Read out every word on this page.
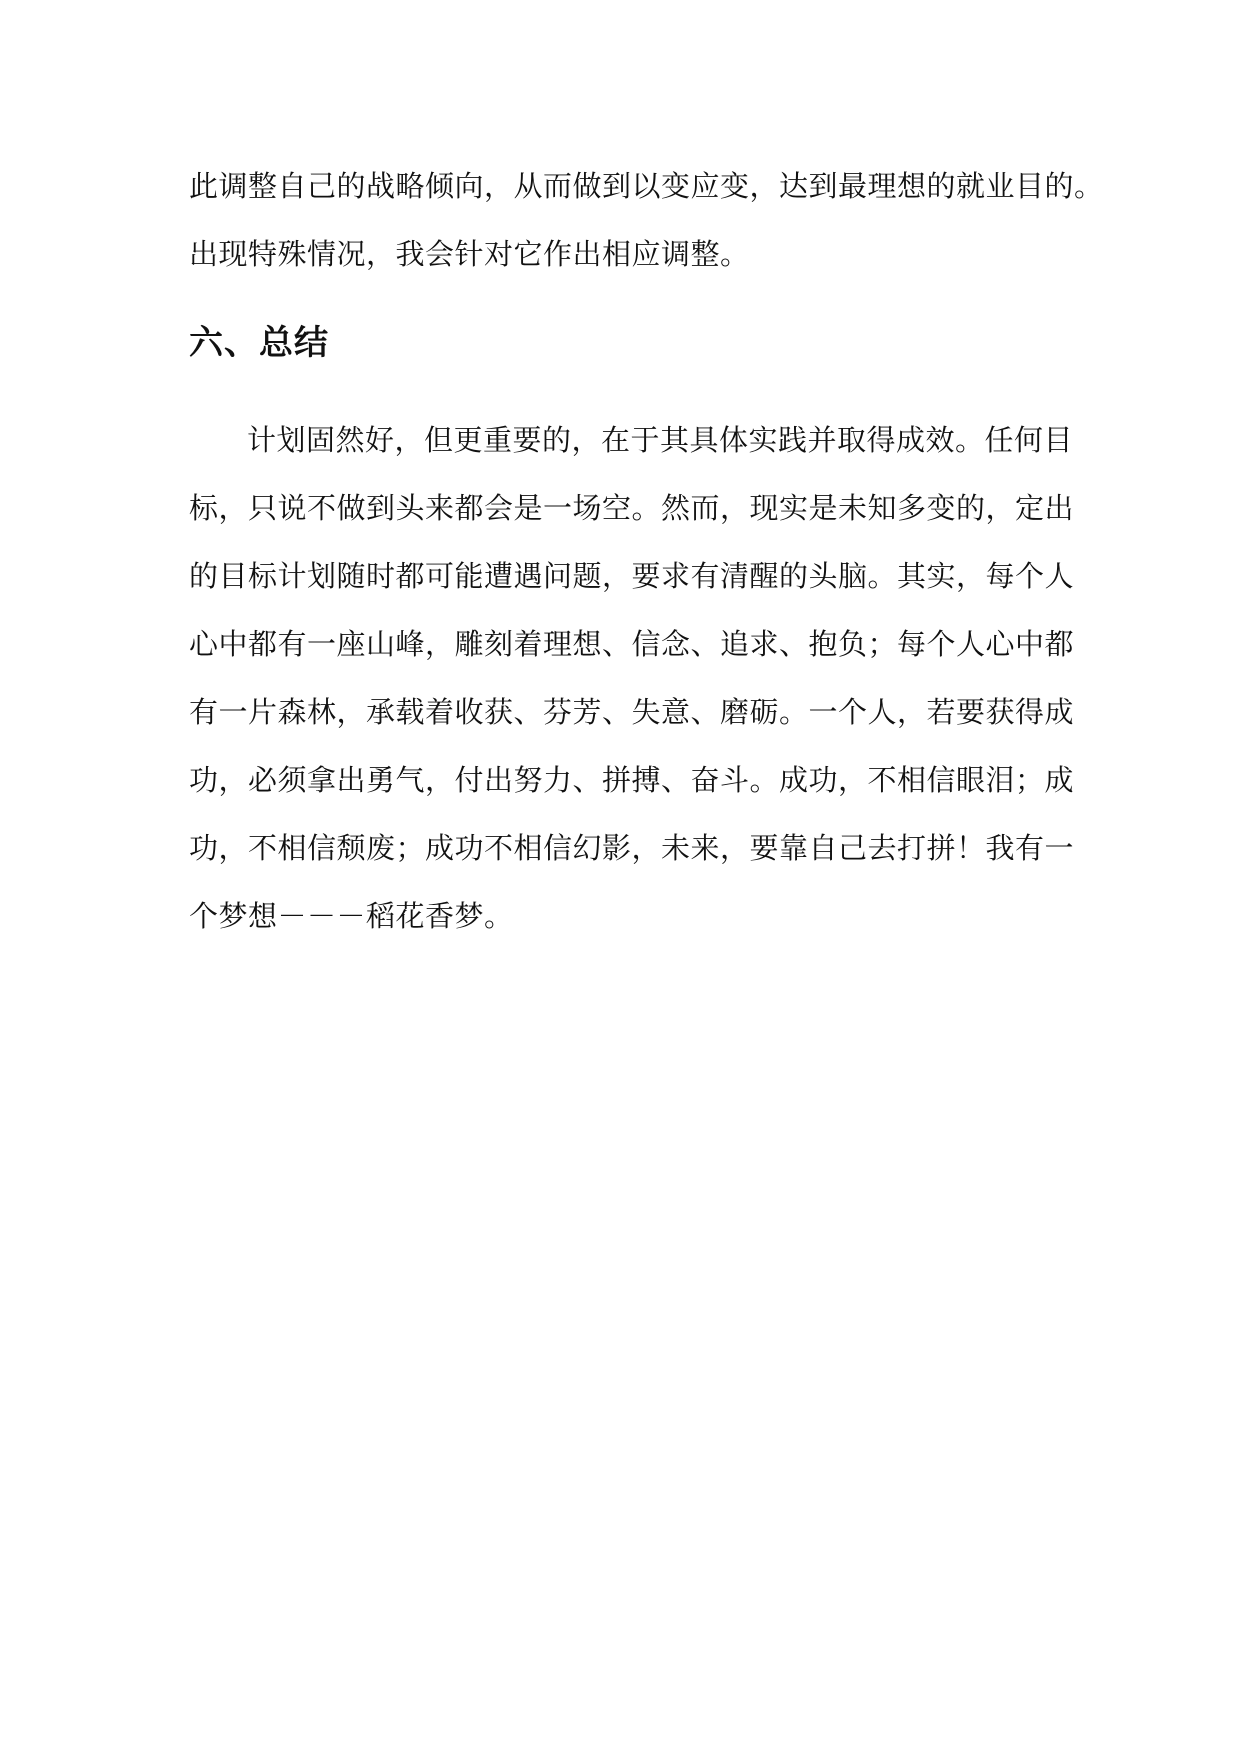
此调整自己的战略倾向，从而做到以变应变，达到最理想的就业目的。
出现特殊情况，我会针对它作出相应调整。
六、总结
计划固然好，但更重要的，在于其具体实践并取得成效。任何目
标，只说不做到头来都会是一场空。然而，现实是未知多变的，定出
的目标计划随时都可能遭遇问题，要求有清醒的头脑。其实，每个人
心中都有一座山峰，雕刻着理想、信念、追求、抱负；每个人心中都
有一片森林，承载着收获、芬芳、失意、磨砺。一个人，若要获得成
功，必须拿出勇气，付出努力、拼搏、奋斗。成功，不相信眼泪；成
功，不相信颓废；成功不相信幻影，未来，要靠自己去打拼！我有一
个梦想－－－稻花香梦。
